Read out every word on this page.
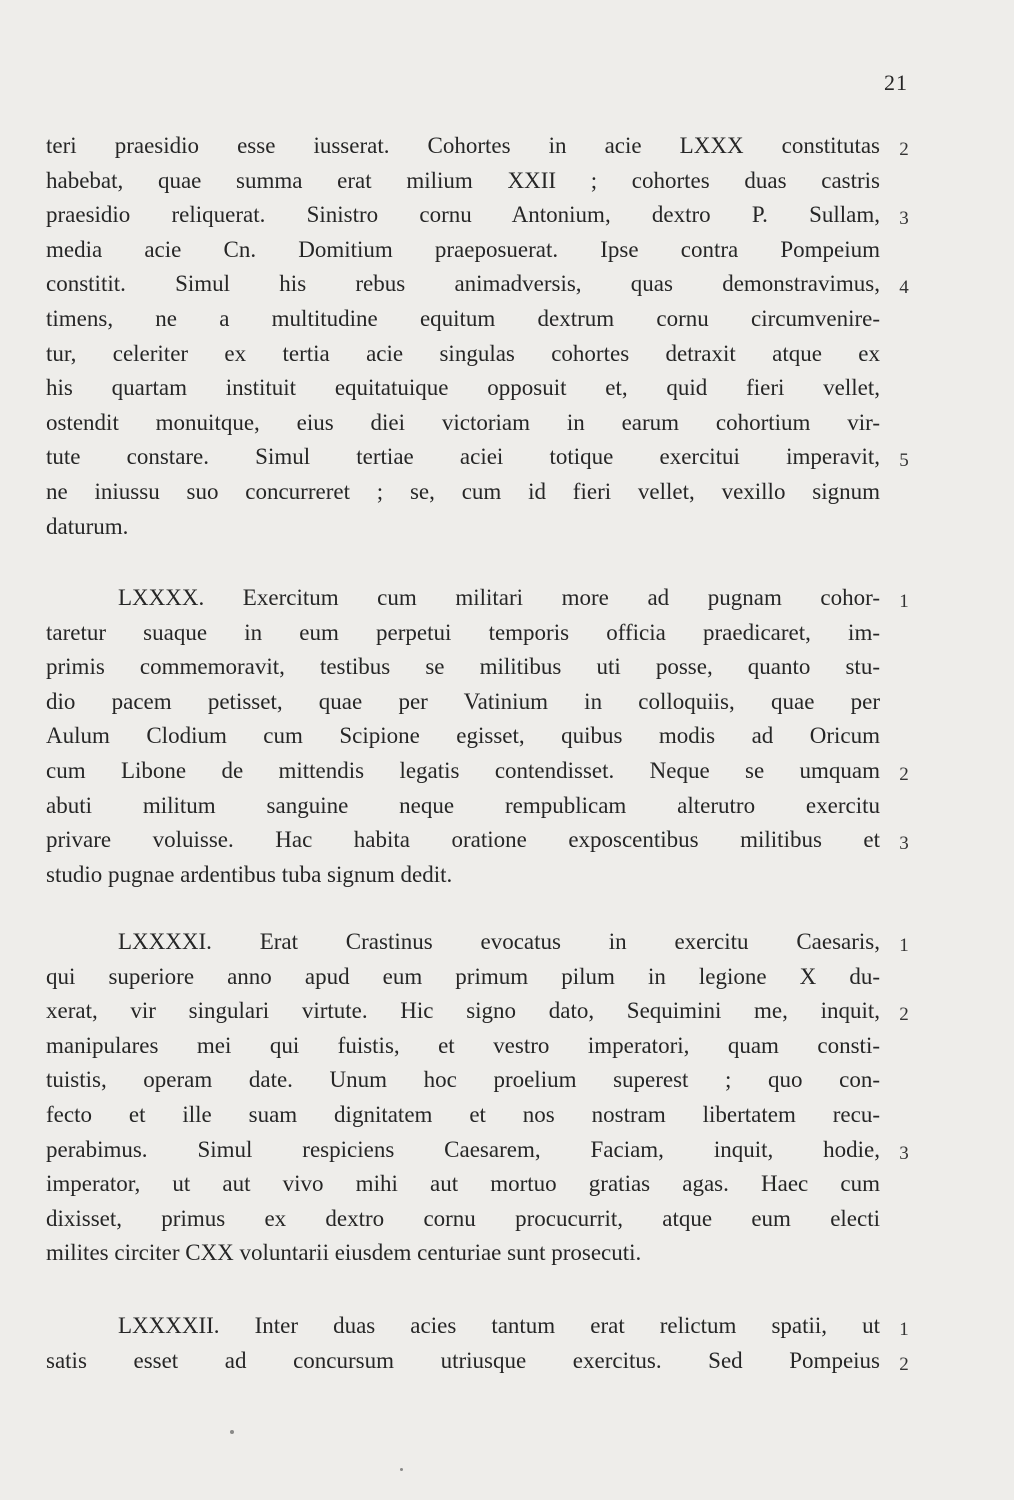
21
teri praesidio esse iusserat. Cohortes in acie LXXX constitutas 2
habebat, quae summa erat milium XXII ; cohortes duas castris
praesidio reliquerat. Sinistro cornu Antonium, dextro P. Sullam, 3
media acie Cn. Domitium praeposuerat. Ipse contra Pompeium
constitit. Simul his rebus animadversis, quas demonstravimus, 4
timens, ne a multitudine equitum dextrum cornu circumvenire-
tur, celeriter ex tertia acie singulas cohortes detraxit atque ex
his quartam instituit equitatuique opposuit et, quid fieri vellet,
ostendit monuitque, eius diei victoriam in earum cohortium vir-
tute constare. Simul tertiae aciei totique exercitui imperavit, 5
ne iniussu suo concurreret ; se, cum id fieri vellet, vexillo signum
daturum.
LXXXX. Exercitum cum militari more ad pugnam cohor- 1
taretur suaque in eum perpetui temporis officia praedicaret, im-
primis commemoravit, testibus se militibus uti posse, quanto stu-
dio pacem petisset, quae per Vatinium in colloquiis, quae per
Aulum Clodium cum Scipione egisset, quibus modis ad Oricum
cum Libone de mittendis legatis contendisset. Neque se umquam 2
abuti militum sanguine neque rempublicam alterutro exercitu
privare voluisse. Hac habita oratione exposcentibus militibus et 3
studio pugnae ardentibus tuba signum dedit.
LXXXXI. Erat Crastinus evocatus in exercitu Caesaris, 1
qui superiore anno apud eum primum pilum in legione X du-
xerat, vir singulari virtute. Hic signo dato, Sequimini me, inquit, 2
manipulares mei qui fuistis, et vestro imperatori, quam consti-
tuistis, operam date. Unum hoc proelium superest ; quo con-
fecto et ille suam dignitatem et nos nostram libertatem recu-
perabimus. Simul respiciens Caesarem, Faciam, inquit, hodie, 3
imperator, ut aut vivo mihi aut mortuo gratias agas. Haec cum
dixisset, primus ex dextro cornu procucurrit, atque eum electi
milites circiter CXX voluntarii eiusdem centuriae sunt prosecuti.
LXXXXII. Inter duas acies tantum erat relictum spatii, ut 1
satis esset ad concursum utriusque exercitus. Sed Pompeius 2
